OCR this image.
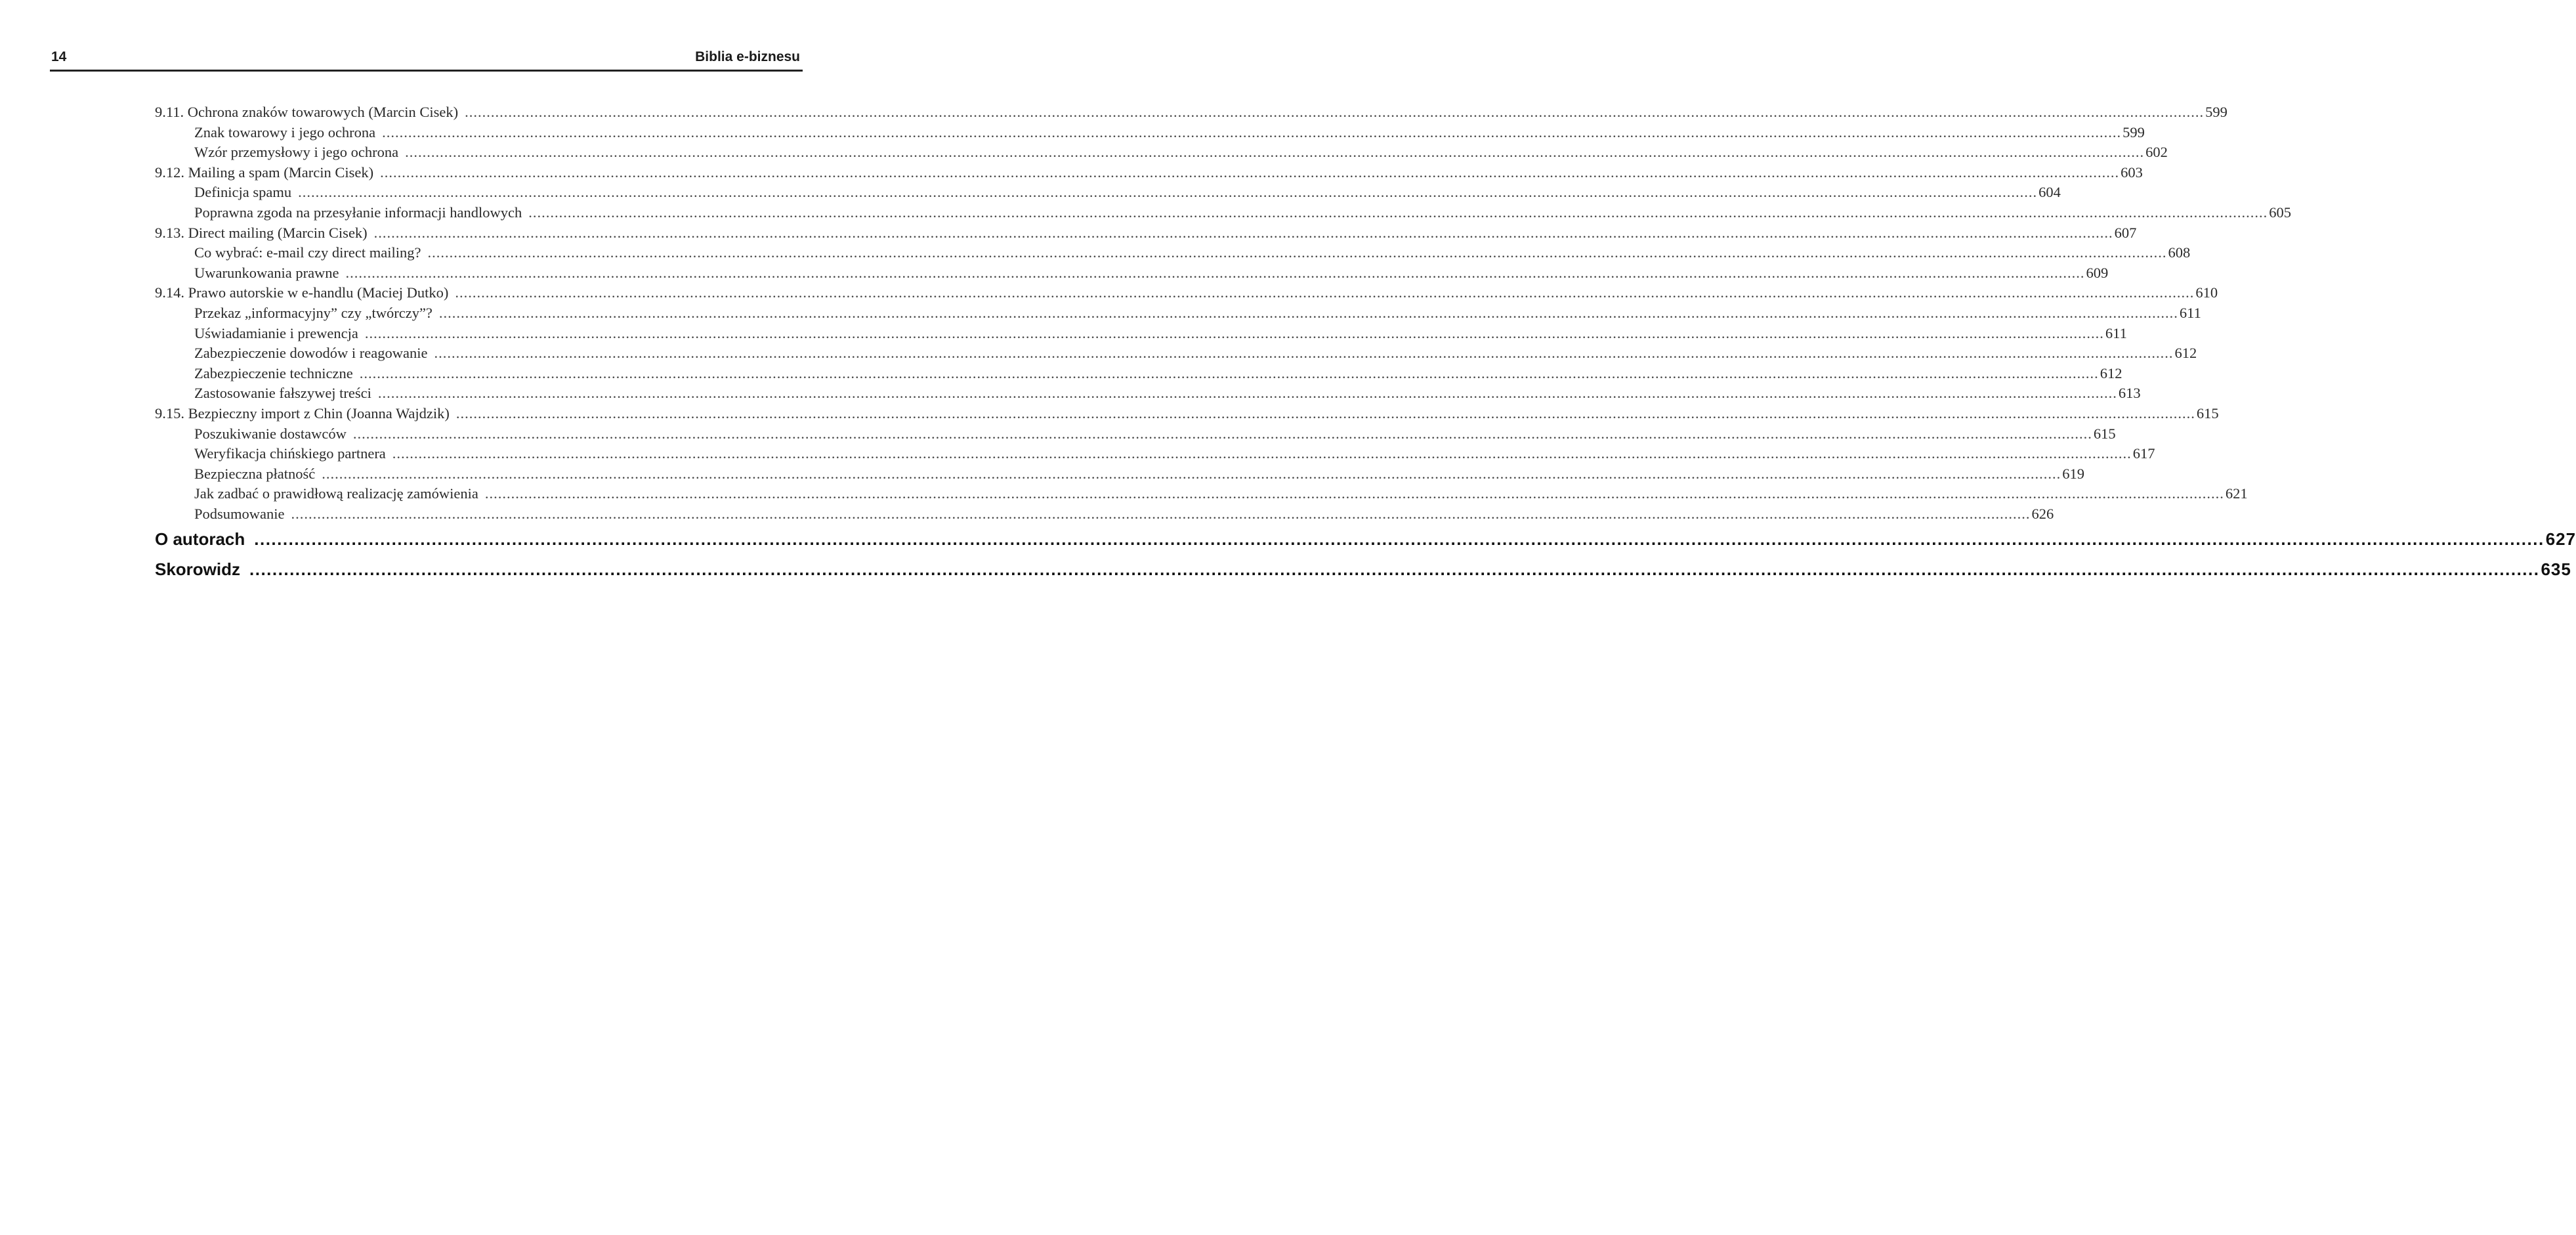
14	Biblia e-biznesu
9.11. Ochrona znaków towarowych (Marcin Cisek) ................................................................................................................................................................................................................................................................................................................................................................................................................ 599
Znak towarowy i jego ochrona ................................................................................................................................................................................................................................................................................................................................................................................................................ 599
Wzór przemysłowy i jego ochrona ................................................................................................................................................................................................................................................................................................................................................................................................................ 602
9.12. Mailing a spam (Marcin Cisek) ................................................................................................................................................................................................................................................................................................................................................................................................................ 603
Definicja spamu ................................................................................................................................................................................................................................................................................................................................................................................................................ 604
Poprawna zgoda na przesyłanie informacji handlowych ................................................................................................................................................................................................................................................................................................................................................................................................................ 605
9.13. Direct mailing (Marcin Cisek) ................................................................................................................................................................................................................................................................................................................................................................................................................ 607
Co wybrać: e-mail czy direct mailing? ................................................................................................................................................................................................................................................................................................................................................................................................................ 608
Uwarunkowania prawne ................................................................................................................................................................................................................................................................................................................................................................................................................ 609
9.14. Prawo autorskie w e-handlu (Maciej Dutko) ................................................................................................................................................................................................................................................................................................................................................................................................................ 610
Przekaz „informacyjny” czy „twórczy”? ................................................................................................................................................................................................................................................................................................................................................................................................................ 611
Uświadamianie i prewencja ................................................................................................................................................................................................................................................................................................................................................................................................................ 611
Zabezpieczenie dowodów i reagowanie ................................................................................................................................................................................................................................................................................................................................................................................................................ 612
Zabezpieczenie techniczne ................................................................................................................................................................................................................................................................................................................................................................................................................ 612
Zastosowanie fałszywej treści ................................................................................................................................................................................................................................................................................................................................................................................................................ 613
9.15. Bezpieczny import z Chin (Joanna Wajdzik) ................................................................................................................................................................................................................................................................................................................................................................................................................ 615
Poszukiwanie dostawców ................................................................................................................................................................................................................................................................................................................................................................................................................ 615
Weryfikacja chińskiego partnera ................................................................................................................................................................................................................................................................................................................................................................................................................ 617
Bezpieczna płatność ................................................................................................................................................................................................................................................................................................................................................................................................................ 619
Jak zadbać o prawidłową realizację zamówienia ................................................................................................................................................................................................................................................................................................................................................................................................................ 621
Podsumowanie ................................................................................................................................................................................................................................................................................................................................................................................................................ 626
O autorach ................................................................................................................................................................................................................................................................................................................................................................................................................ 627
Skorowidz ................................................................................................................................................................................................................................................................................................................................................................................................................ 635
